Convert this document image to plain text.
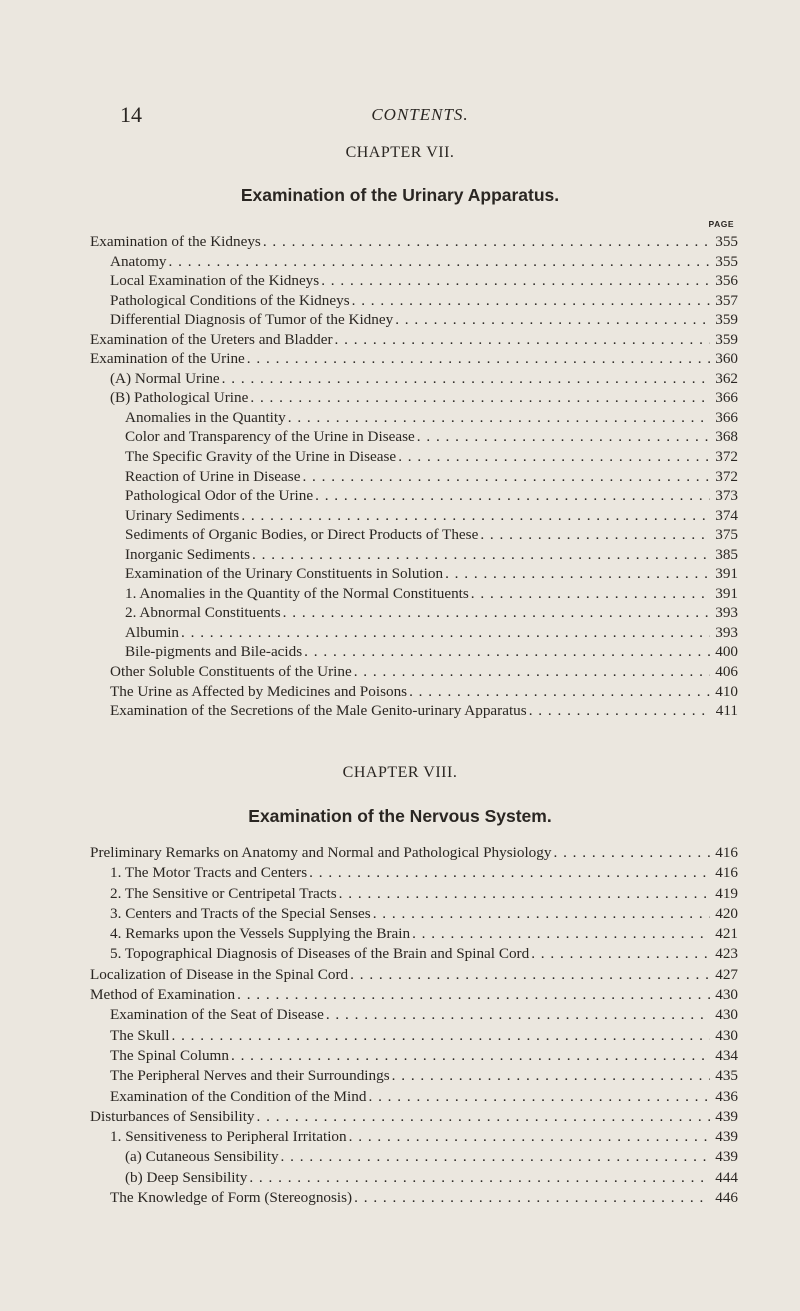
14	CONTENTS.
CHAPTER VII.
Examination of the Urinary Apparatus.
PAGE
Examination of the Kidneys . . .	355
Anatomy . . .	355
Local Examination of the Kidneys . . .	356
Pathological Conditions of the Kidneys . . .	357
Differential Diagnosis of Tumor of the Kidney . . .	359
Examination of the Ureters and Bladder . . .	359
Examination of the Urine . . .	360
(A) Normal Urine . . .	362
(B) Pathological Urine . . .	366
Anomalies in the Quantity . . .	366
Color and Transparency of the Urine in Disease . . .	368
The Specific Gravity of the Urine in Disease . . .	372
Reaction of Urine in Disease . . .	372
Pathological Odor of the Urine . . .	373
Urinary Sediments . . .	374
Sediments of Organic Bodies, or Direct Products of These . . .	375
Inorganic Sediments . . .	385
Examination of the Urinary Constituents in Solution . . .	391
1. Anomalies in the Quantity of the Normal Constituents . . .	391
2. Abnormal Constituents . . .	393
Albumin . . .	393
Bile-pigments and Bile-acids . . .	400
Other Soluble Constituents of the Urine . . .	406
The Urine as Affected by Medicines and Poisons . . .	410
Examination of the Secretions of the Male Genito-urinary Apparatus . . .	411
CHAPTER VIII.
Examination of the Nervous System.
Preliminary Remarks on Anatomy and Normal and Pathological Physiology . . .	416
1. The Motor Tracts and Centers . . .	416
2. The Sensitive or Centripetal Tracts . . .	419
3. Centers and Tracts of the Special Senses . . .	420
4. Remarks upon the Vessels Supplying the Brain . . .	421
5. Topographical Diagnosis of Diseases of the Brain and Spinal Cord . . .	423
Localization of Disease in the Spinal Cord . . .	427
Method of Examination . . .	430
Examination of the Seat of Disease . . .	430
The Skull . . .	430
The Spinal Column . . .	434
The Peripheral Nerves and their Surroundings . . .	435
Examination of the Condition of the Mind . . .	436
Disturbances of Sensibility . . .	439
1. Sensitiveness to Peripheral Irritation . . .	439
(a) Cutaneous Sensibility . . .	439
(b) Deep Sensibility . . .	444
The Knowledge of Form (Stereognosis) . . .	446
